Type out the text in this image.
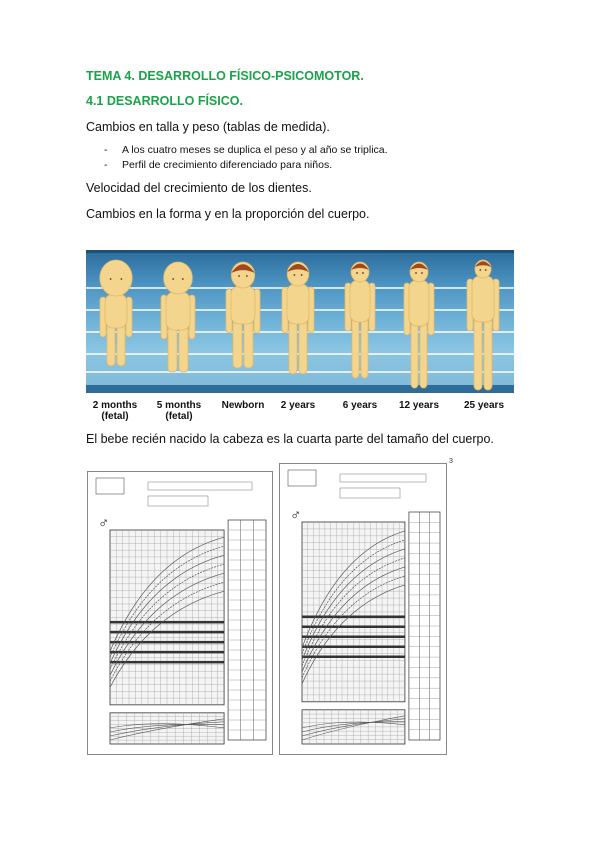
TEMA 4. DESARROLLO FÍSICO-PSICOMOTOR.

4.1 DESARROLLO FÍSICO.

Cambios en talla y peso (tablas de medida).

- A los cuatro meses se duplica el peso y al año se triplica.

- Perfil de crecimiento diferenciado para niños.

Velocidad del crecimiento de los dientes.

Cambios en la forma y en la proporción del cuerpo.

2 months
(fetal)
5 months
(fetal)
Newborn	2 years	6 years	12 years	25 years

El bebe recién nacido la cabeza es la cuarta parte del tamaño del cuerpo.

♂	♂
3
